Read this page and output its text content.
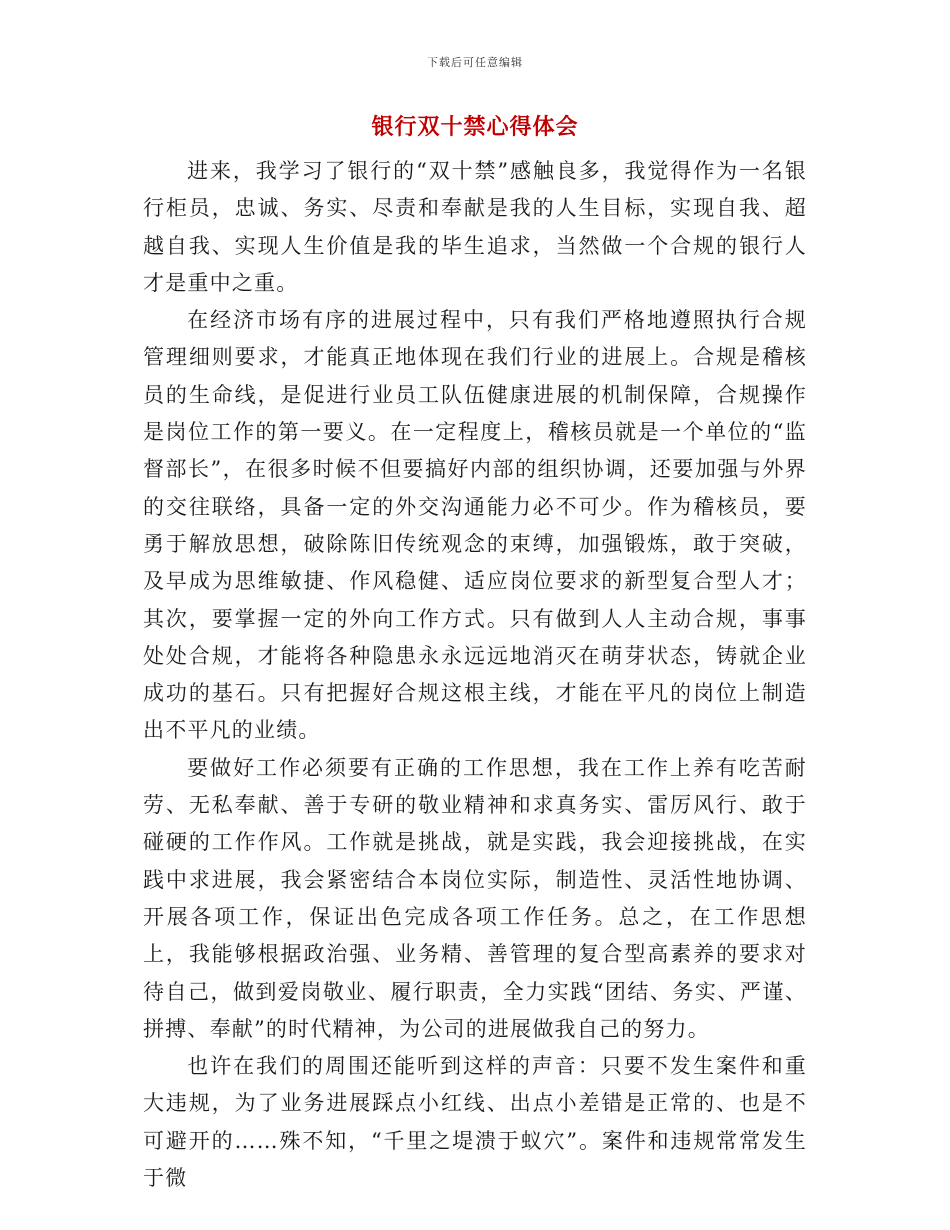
下载后可任意编辑
银行双十禁心得体会

进来，我学习了银行的“双十禁”感触良多，我觉得作为一名银行柜员，忠诚、务实、尽责和奉献是我的人生目标，实现自我、超越自我、实现人生价值是我的毕生追求，当然做一个合规的银行人才是重中之重。

在经济市场有序的进展过程中，只有我们严格地遵照执行合规管理细则要求，才能真正地体现在我们行业的进展上。合规是稽核员的生命线，是促进行业员工队伍健康进展的机制保障，合规操作是岗位工作的第一要义。在一定程度上，稽核员就是一个单位的“监督部长”，在很多时候不但要搞好内部的组织协调，还要加强与外界的交往联络，具备一定的外交沟通能力必不可少。作为稽核员，要勇于解放思想，破除陈旧传统观念的束缚，加强锻炼，敢于突破，及早成为思维敏捷、作风稳健、适应岗位要求的新型复合型人才；其次，要掌握一定的外向工作方式。只有做到人人主动合规，事事处处合规，才能将各种隐患永永远远地消灭在萌芽状态，铸就企业成功的基石。只有把握好合规这根主线，才能在平凡的岗位上制造出不平凡的业绩。

要做好工作必须要有正确的工作思想，我在工作上养有吃苦耐劳、无私奉献、善于专研的敬业精神和求真务实、雷厉风行、敢于碰硬的工作作风。工作就是挑战，就是实践，我会迎接挑战，在实践中求进展，我会紧密结合本岗位实际，制造性、灵活性地协调、开展各项工作，保证出色完成各项工作任务。总之，在工作思想上，我能够根据政治强、业务精、善管理的复合型高素养的要求对待自己，做到爱岗敬业、履行职责，全力实践“团结、务实、严谨、拼搏、奉献”的时代精神，为公司的进展做我自己的努力。

也许在我们的周围还能听到这样的声音：只要不发生案件和重大违规，为了业务进展踩点小红线、出点小差错是正常的、也是不可避开的……殊不知，“千里之堤溃于蚁穴”。案件和违规常常发生于微
